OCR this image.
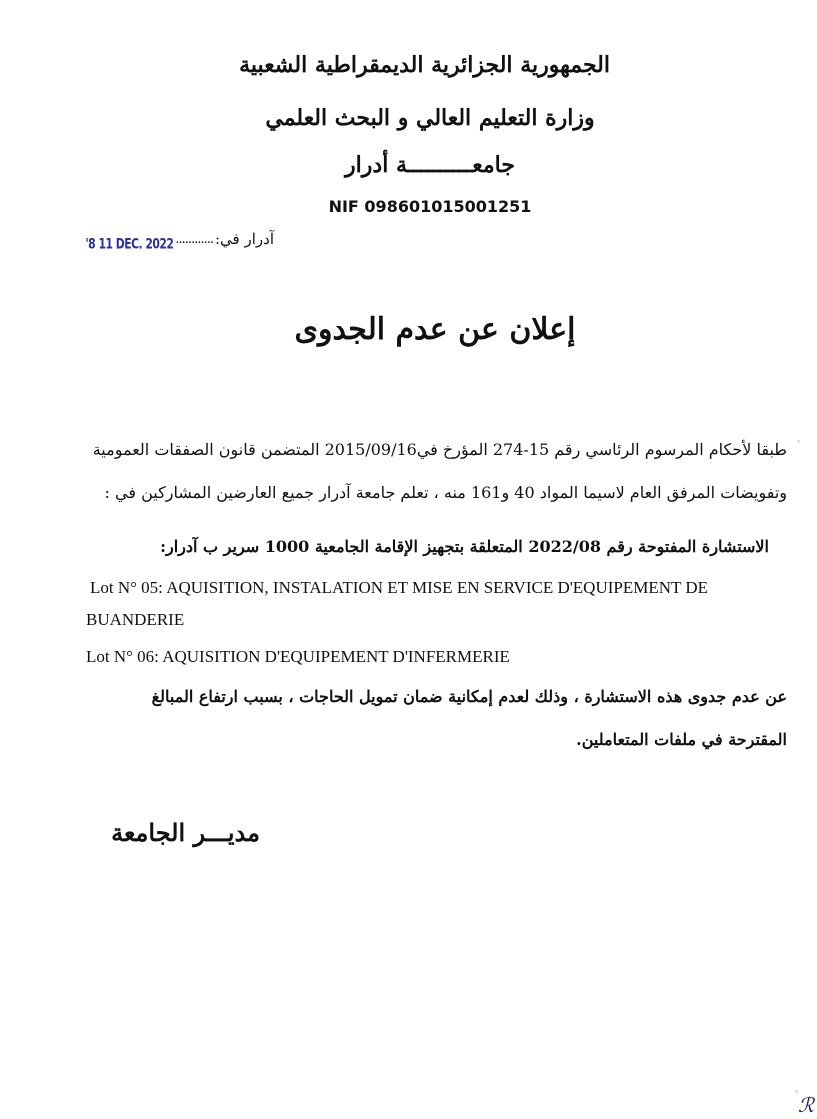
الجمهورية الجزائرية الديمقراطية الشعبية
وزارة التعليم العالي و البحث العلمي
جامعــــــــــة أدرار
NIF 098601015001251
آدرار في:
............
'8 11 DEC. 2022
إعلان عن عدم الجدوى
طبقا لأحكام المرسوم الرئاسي رقم 15-274 المؤرخ في2015/09/16 المتضمن قانون الصفقات العمومية
وتفويضات المرفق العام لاسيما المواد 40 و161 منه ، تعلم جامعة آدرار جميع العارضين المشاركين في :
الاستشارة المفتوحة رقم 2022/08 المتعلقة بتجهيز الإقامة الجامعية 1000 سرير ب آدرار:
Lot N° 05: AQUISITION, INSTALATION ET MISE EN SERVICE D'EQUIPEMENT DE
BUANDERIE
Lot N° 06: AQUISITION D'EQUIPEMENT D'INFERMERIE
عن عدم جدوى هذه الاستشارة ، وذلك لعدم إمكانية ضمان تمويل الحاجات ، بسبب ارتفاع المبالغ
المقترحة في ملفات المتعاملين.
مديـــر الجامعة
ℛ
